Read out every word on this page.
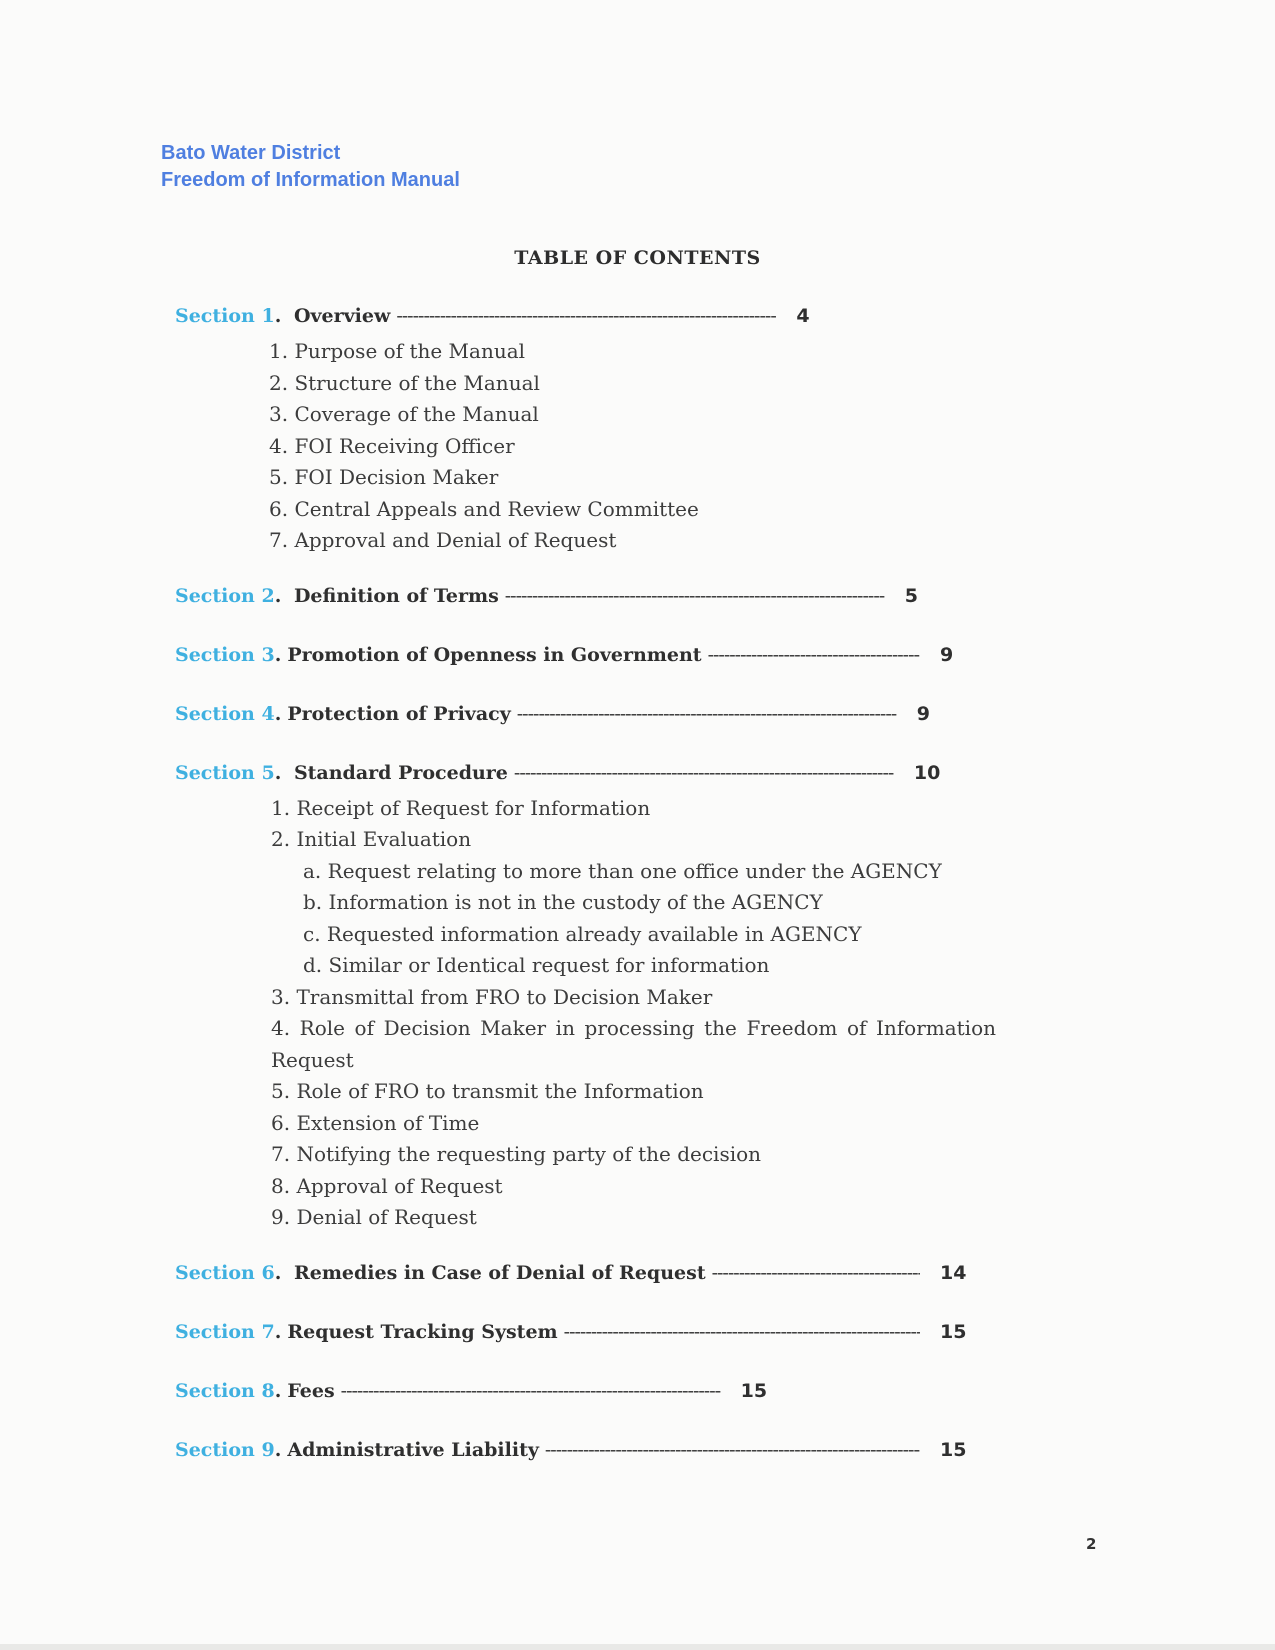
Bato Water District
Freedom of Information Manual
TABLE OF CONTENTS
Section 1 . Overview -----	4
1. Purpose of the Manual
2. Structure of the Manual
3. Coverage of the Manual
4. FOI Receiving Officer
5. FOI Decision Maker
6. Central Appeals and Review Committee
7. Approval and Denial of Request
Section 2 . Definition of Terms -----	5
Section 3 . Promotion of Openness in Government -----	9
Section 4 . Protection of Privacy -----	9
Section 5 . Standard Procedure -----	10
1. Receipt of Request for Information
2. Initial Evaluation
a. Request relating to more than one office under the AGENCY
b. Information is not in the custody of the AGENCY
c. Requested information already available in AGENCY
d. Similar or Identical request for information
3. Transmittal from FRO to Decision Maker
4. Role of Decision Maker in processing the Freedom of Information Request
5. Role of FRO to transmit the Information
6. Extension of Time
7. Notifying the requesting party of the decision
8. Approval of Request
9. Denial of Request
Section 6 . Remedies in Case of Denial of Request -----	14
Section 7 . Request Tracking System -----	15
Section 8 . Fees -----	15
Section 9 . Administrative Liability -----	15
2
